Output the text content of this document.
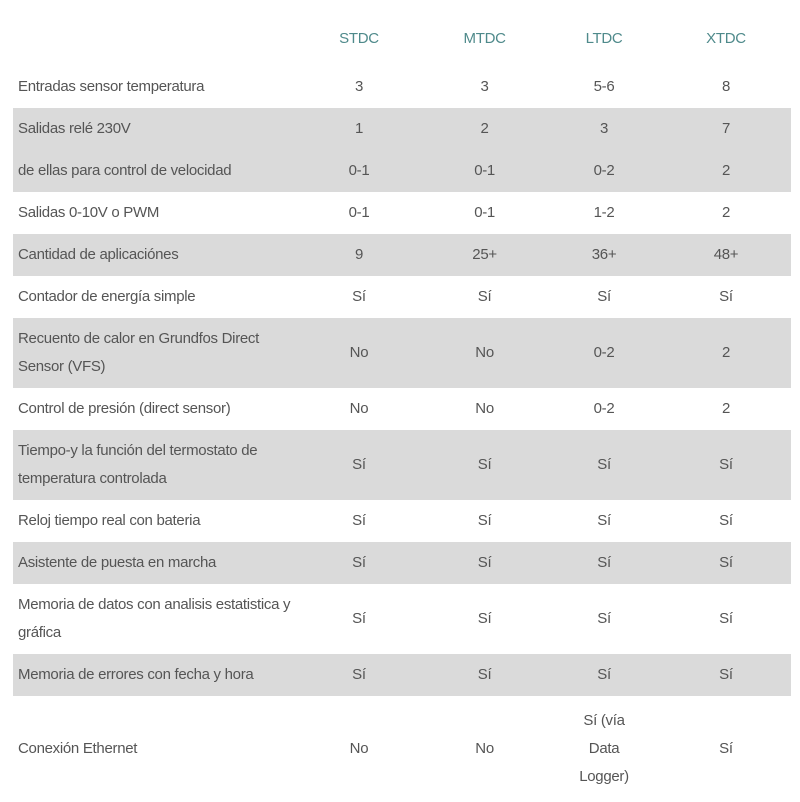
	STDC	MTDC	LTDC	XTDC
Entradas sensor temperatura	3	3	5-6	8
Salidas relé 230V	1	2	3	7
de ellas para control de velocidad	0-1	0-1	0-2	2
Salidas 0-10V o PWM	0-1	0-1	1-2	2
Cantidad de aplicaciónes	9	25+	36+	48+
Contador de energía simple	Sí	Sí	Sí	Sí
Recuento de calor en Grundfos Direct Sensor (VFS)	No	No	0-2	2
Control de presión (direct sensor)	No	No	0-2	2
Tiempo-y la función del termostato de temperatura controlada	Sí	Sí	Sí	Sí
Reloj tiempo real con bateria	Sí	Sí	Sí	Sí
Asistente de puesta en marcha	Sí	Sí	Sí	Sí
Memoria de datos con analisis estatistica y gráfica	Sí	Sí	Sí	Sí
Memoria de errores con fecha y hora	Sí	Sí	Sí	Sí
Conexión Ethernet	No	No	Sí (vía Data Logger)	Sí
